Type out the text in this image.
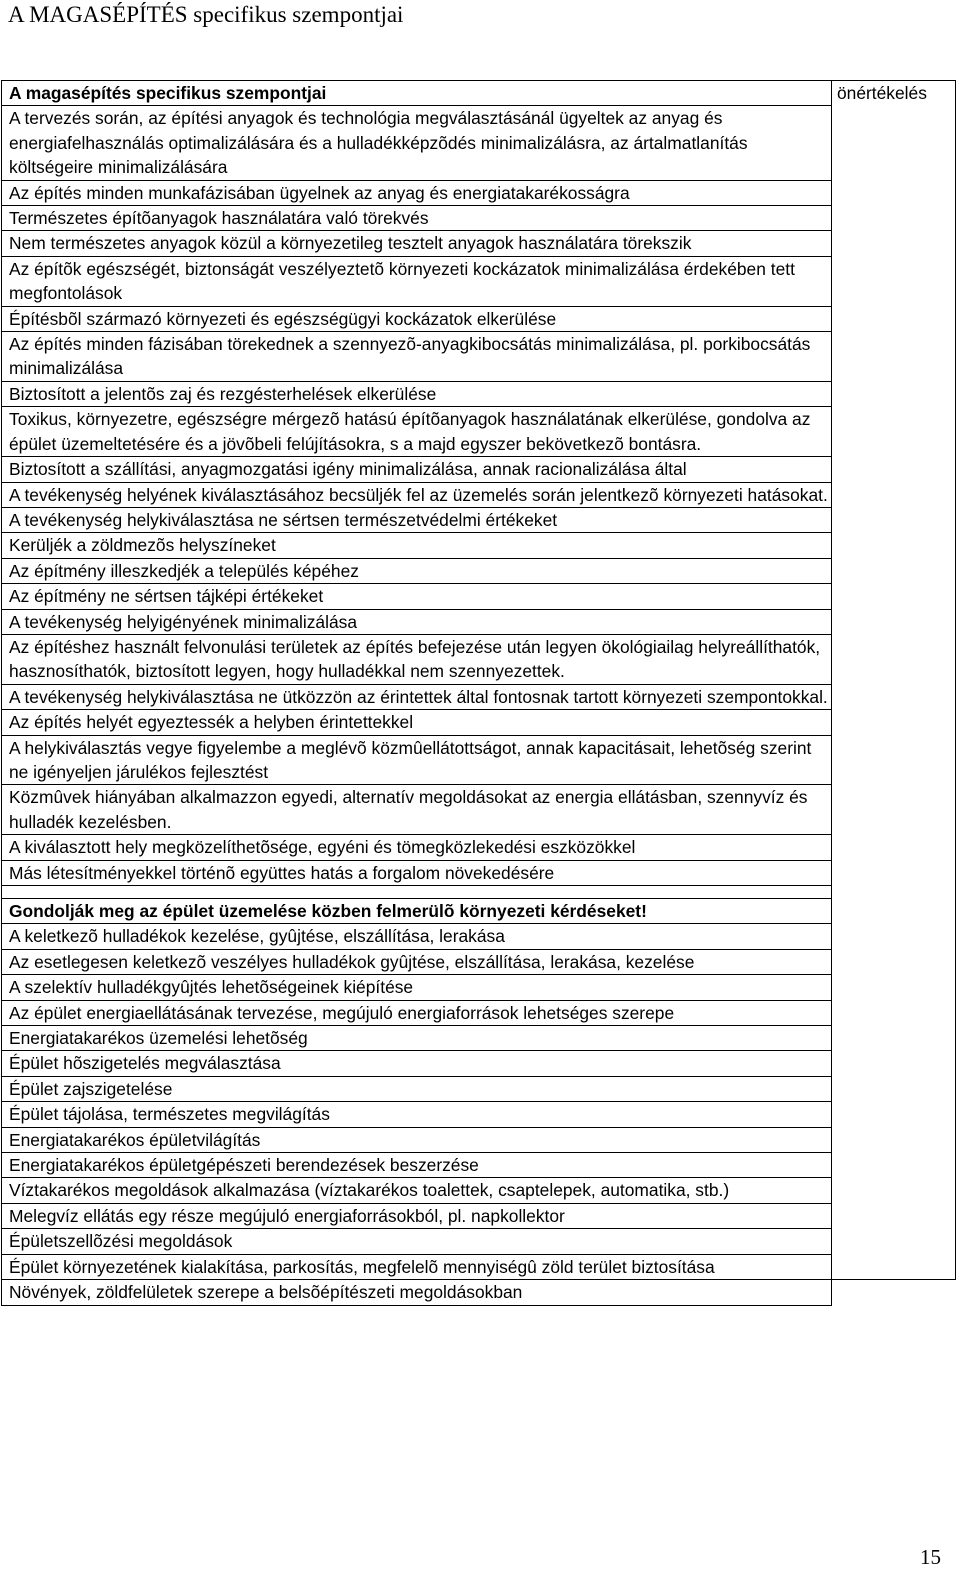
A MAGASÉPÍTÉS specifikus szempontjai
A magasépítés specifikus szempontjai	önértékelés
A tervezés során, az építési anyagok és technológia megválasztásánál ügyeltek az anyag és energiafelhasználás optimalizálására és a hulladékképzõdés minimalizálásra, az ártalmatlanítás költségeire minimalizálására
Az építés minden munkafázisában ügyelnek az anyag és energiatakarékosságra
Természetes építõanyagok használatára való törekvés
Nem természetes anyagok közül a környezetileg tesztelt anyagok használatára törekszik
Az építõk egészségét, biztonságát veszélyeztetõ környezeti kockázatok minimalizálása érdekében tett megfontolások
Építésbõl származó környezeti és egészségügyi kockázatok elkerülése
Az építés minden fázisában törekednek a szennyezõ-anyagkibocsátás minimalizálása, pl. porkibocsátás minimalizálása
Biztosított a jelentõs zaj és rezgésterhelések elkerülése
Toxikus, környezetre, egészségre mérgezõ hatású építõanyagok használatának elkerülése, gondolva az épület üzemeltetésére és a jövõbeli felújításokra, s a majd egyszer bekövetkezõ bontásra.
Biztosított a szállítási, anyagmozgatási igény minimalizálása, annak racionalizálása által
A tevékenység helyének kiválasztásához becsüljék fel az üzemelés során jelentkezõ környezeti hatásokat.
A tevékenység helykiválasztása ne sértsen természetvédelmi értékeket
Kerüljék a zöldmezõs helyszíneket
Az építmény illeszkedjék a település képéhez
Az építmény ne sértsen tájképi értékeket
A tevékenység helyigényének minimalizálása
Az építéshez használt felvonulási területek az építés befejezése után legyen ökológiailag helyreállíthatók, hasznosíthatók, biztosított legyen, hogy hulladékkal nem szennyezettek.
A tevékenység helykiválasztása ne ütközzön az érintettek által fontosnak tartott környezeti szempontokkal.
Az építés helyét egyeztessék a helyben érintettekkel
A helykiválasztás vegye figyelembe a meglévõ közmûellátottságot, annak kapacitásait, lehetõség szerint ne igényeljen járulékos fejlesztést
Közmûvek hiányában alkalmazzon egyedi, alternatív megoldásokat az energia ellátásban, szennyvíz és hulladék kezelésben.
A kiválasztott hely megközelíthetõsége, egyéni és tömegközlekedési eszközökkel
Más létesítményekkel történõ együttes hatás a forgalom növekedésére

Gondolják meg az épület üzemelése közben felmerülõ környezeti kérdéseket!
A keletkezõ hulladékok kezelése, gyûjtése, elszállítása, lerakása
Az esetlegesen keletkezõ veszélyes hulladékok gyûjtése, elszállítása, lerakása, kezelése
A szelektív hulladékgyûjtés lehetõségeinek kiépítése
Az épület energiaellátásának tervezése, megújuló energiaforrások lehetséges szerepe
Energiatakarékos üzemelési lehetõség
Épület hõszigetelés megválasztása
Épület zajszigetelése
Épület tájolása, természetes megvilágítás
Energiatakarékos épületvilágítás
Energiatakarékos épületgépészeti berendezések beszerzése
Víztakarékos megoldások alkalmazása (víztakarékos toalettek, csaptelepek, automatika, stb.)
Melegvíz ellátás egy része megújuló energiaforrásokból, pl. napkollektor
Épületszellõzési megoldások
Épület környezetének kialakítása, parkosítás, megfelelõ mennyiségû zöld terület biztosítása
Növények, zöldfelületek szerepe a belsõépítészeti megoldásokban
15
